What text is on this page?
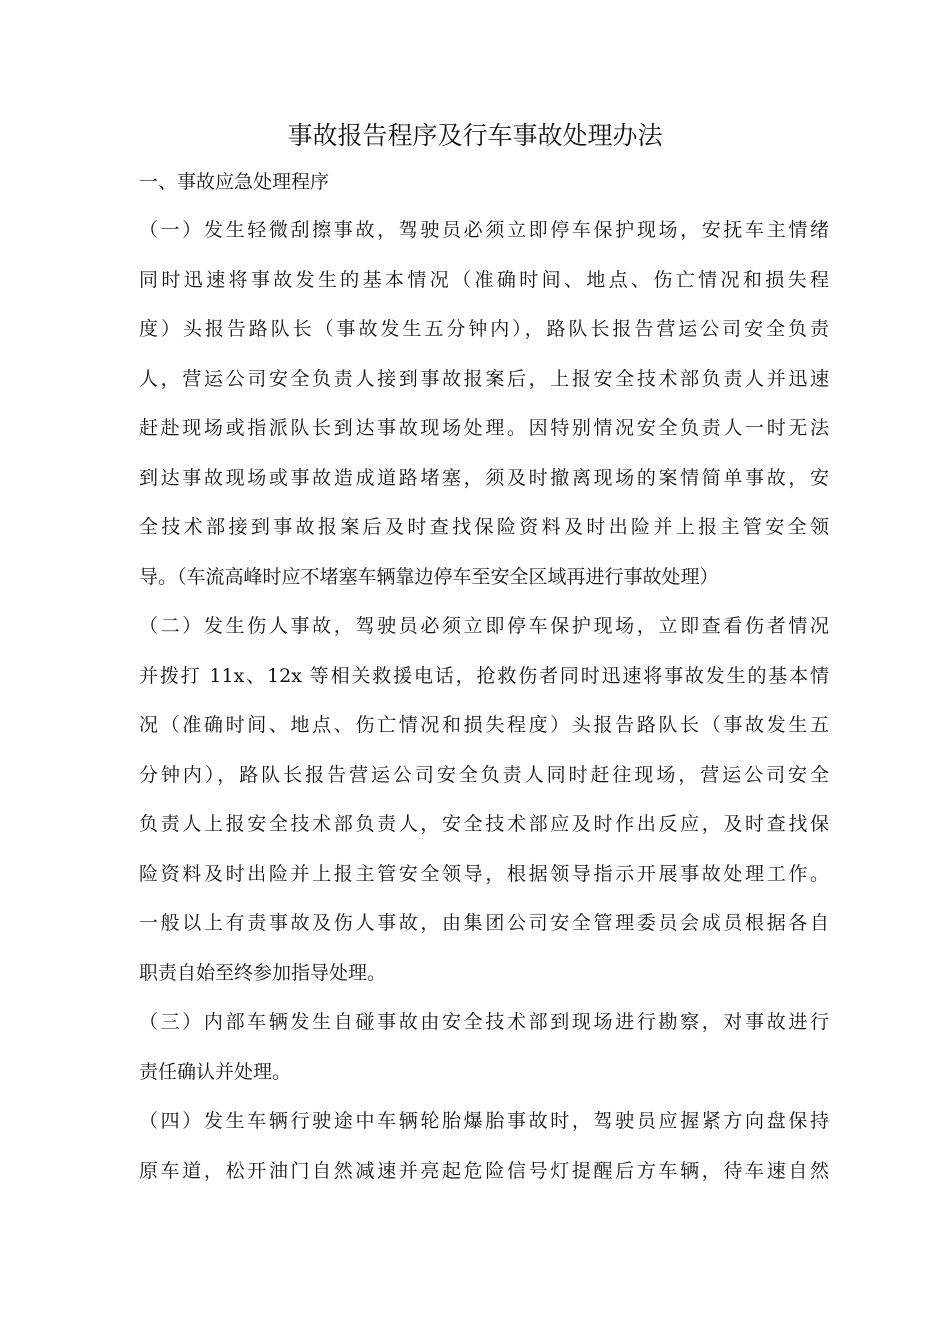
事故报告程序及行车事故处理办法
一、事故应急处理程序
（一）发生轻微刮擦事故，驾驶员必须立即停车保护现场，安抚车主情绪
同时迅速将事故发生的基本情况（准确时间、地点、伤亡情况和损失程
度）头报告路队长（事故发生五分钟内），路队长报告营运公司安全负责
人，营运公司安全负责人接到事故报案后，上报安全技术部负责人并迅速
赶赴现场或指派队长到达事故现场处理。因特别情况安全负责人一时无法
到达事故现场或事故造成道路堵塞，须及时撤离现场的案情简单事故，安
全技术部接到事故报案后及时查找保险资料及时出险并上报主管安全领
导。（车流高峰时应不堵塞车辆靠边停车至安全区域再进行事故处理）
（二）发生伤人事故，驾驶员必须立即停车保护现场，立即查看伤者情况
并拨打 11x、12x 等相关救援电话，抢救伤者同时迅速将事故发生的基本情
况（准确时间、地点、伤亡情况和损失程度）头报告路队长（事故发生五
分钟内），路队长报告营运公司安全负责人同时赶往现场，营运公司安全
负责人上报安全技术部负责人，安全技术部应及时作出反应，及时查找保
险资料及时出险并上报主管安全领导，根据领导指示开展事故处理工作。
一般以上有责事故及伤人事故，由集团公司安全管理委员会成员根据各自
职责自始至终参加指导处理。
（三）内部车辆发生自碰事故由安全技术部到现场进行勘察，对事故进行
责任确认并处理。
（四）发生车辆行驶途中车辆轮胎爆胎事故时，驾驶员应握紧方向盘保持
原车道，松开油门自然减速并亮起危险信号灯提醒后方车辆，待车速自然
